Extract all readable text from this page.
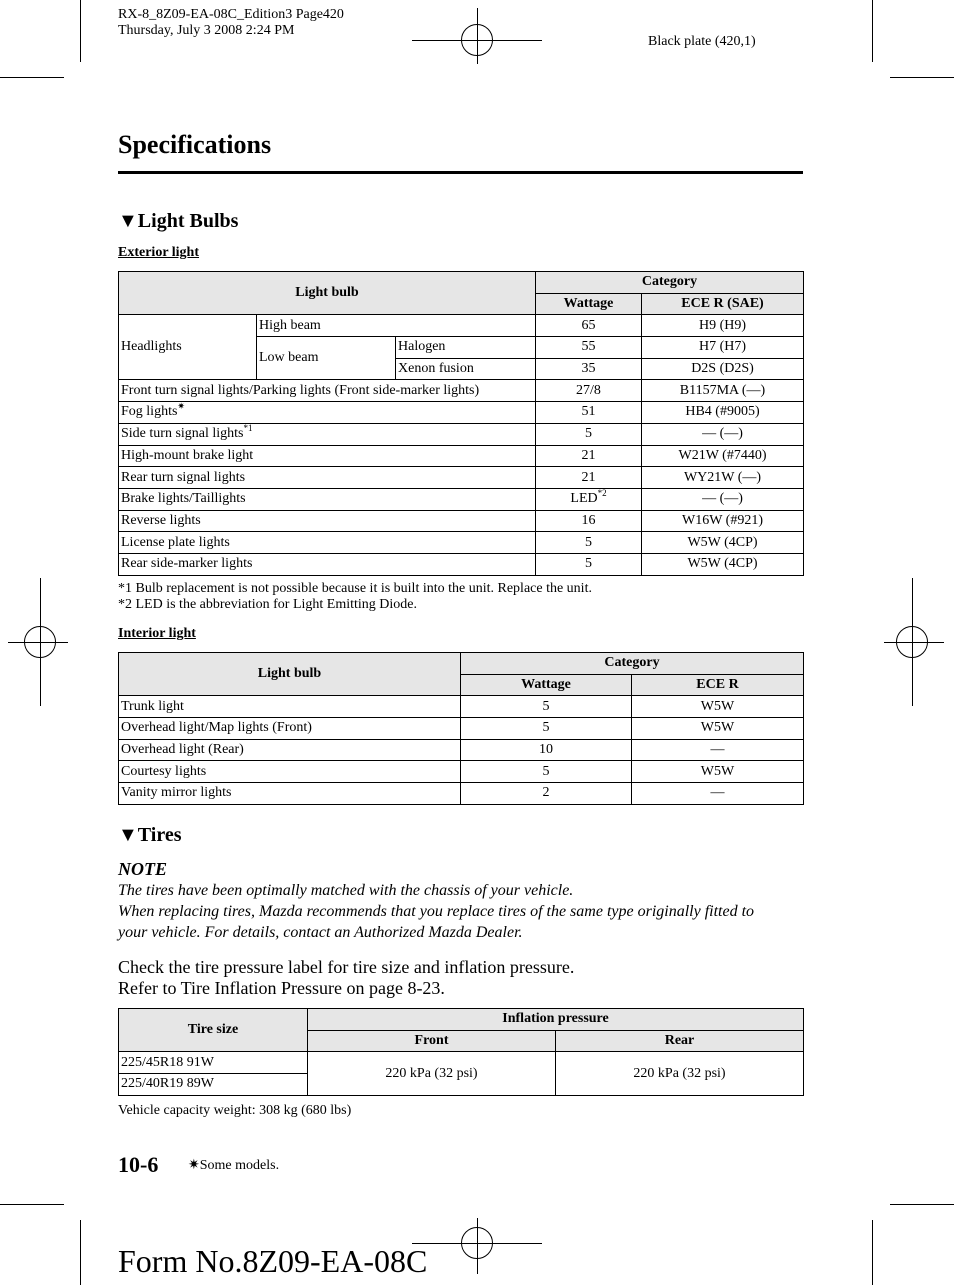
RX-8_8Z09-EA-08C_Edition3 Page420
Thursday, July 3 2008 2:24 PM
Black plate (420,1)
Specifications
▼Light Bulbs
Exterior light
Light bulb			Category	
			Wattage	ECE R (SAE)
Headlights	High beam		65	H9 (H9)
	Low beam	Halogen	55	H7 (H7)
		Xenon fusion	35	D2S (D2S)
Front turn signal lights/Parking lights (Front side-marker lights)			27/8	B1157MA (—)
Fog lights✷			51	HB4 (#9005)
Side turn signal lights$^{*1}$			5	— (—)
High-mount brake light			21	W21W (#7440)
Rear turn signal lights			21	WY21W (—)
Brake lights/Taillights			LED$^{*2}$	— (—)
Reverse lights			16	W16W (#921)
License plate lights			5	W5W (4CP)
Rear side-marker lights			5	W5W (4CP)
*1 Bulb replacement is not possible because it is built into the unit. Replace the unit.
*2 LED is the abbreviation for Light Emitting Diode.
Interior light
Light bulb	Category	
	Wattage	ECE R
Trunk light	5	W5W
Overhead light/Map lights (Front)	5	W5W
Overhead light (Rear)	10	—
Courtesy lights	5	W5W
Vanity mirror lights	2	—
▼Tires
NOTE
The tires have been optimally matched with the chassis of your vehicle.
When replacing tires, Mazda recommends that you replace tires of the same type originally fitted to
your vehicle. For details, contact an Authorized Mazda Dealer.
Check the tire pressure label for tire size and inflation pressure.
Refer to Tire Inflation Pressure on page 8-23.
Tire size	Inflation pressure	
	Front	Rear
225/45R18 91W	220 kPa (32 psi)	220 kPa (32 psi)
225/40R19 89W		
Vehicle capacity weight: 308 kg (680 lbs)
10-6 ✷Some models.
Form No.8Z09-EA-08C
